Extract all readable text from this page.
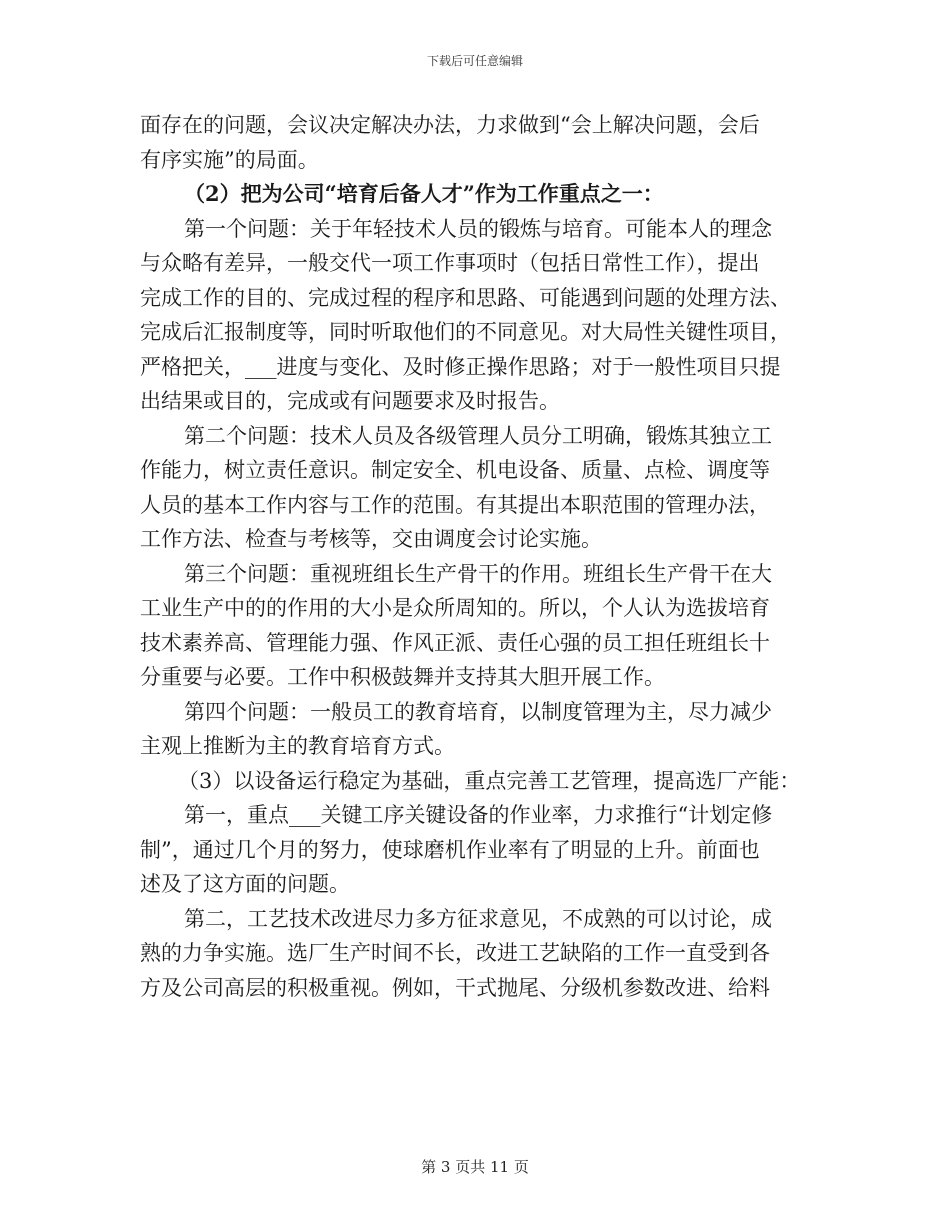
下载后可任意编辑
面存在的问题，会议决定解决办法，力求做到“会上解决问题，会后
有序实施”的局面。
（2）把为公司“培育后备人才”作为工作重点之一：
第一个问题：关于年轻技术人员的锻炼与培育。可能本人的理念
与众略有差异，一般交代一项工作事项时（包括日常性工作），提出
完成工作的目的、完成过程的程序和思路、可能遇到问题的处理方法、
完成后汇报制度等，同时听取他们的不同意见。对大局性关键性项目，
严格把关，___进度与变化、及时修正操作思路；对于一般性项目只提
出结果或目的，完成或有问题要求及时报告。
第二个问题：技术人员及各级管理人员分工明确，锻炼其独立工
作能力，树立责任意识。制定安全、机电设备、质量、点检、调度等
人员的基本工作内容与工作的范围。有其提出本职范围的管理办法，
工作方法、检查与考核等，交由调度会讨论实施。
第三个问题：重视班组长生产骨干的作用。班组长生产骨干在大
工业生产中的的作用的大小是众所周知的。所以，个人认为选拔培育
技术素养高、管理能力强、作风正派、责任心强的员工担任班组长十
分重要与必要。工作中积极鼓舞并支持其大胆开展工作。
第四个问题：一般员工的教育培育，以制度管理为主，尽力减少
主观上推断为主的教育培育方式。
（3）以设备运行稳定为基础，重点完善工艺管理，提高选厂产能：
第一，重点___关键工序关键设备的作业率，力求推行“计划定修
制”，通过几个月的努力，使球磨机作业率有了明显的上升。前面也
述及了这方面的问题。
第二，工艺技术改进尽力多方征求意见，不成熟的可以讨论，成
熟的力争实施。选厂生产时间不长，改进工艺缺陷的工作一直受到各
方及公司高层的积极重视。例如，干式抛尾、分级机参数改进、给料
第 3 页共 11 页
